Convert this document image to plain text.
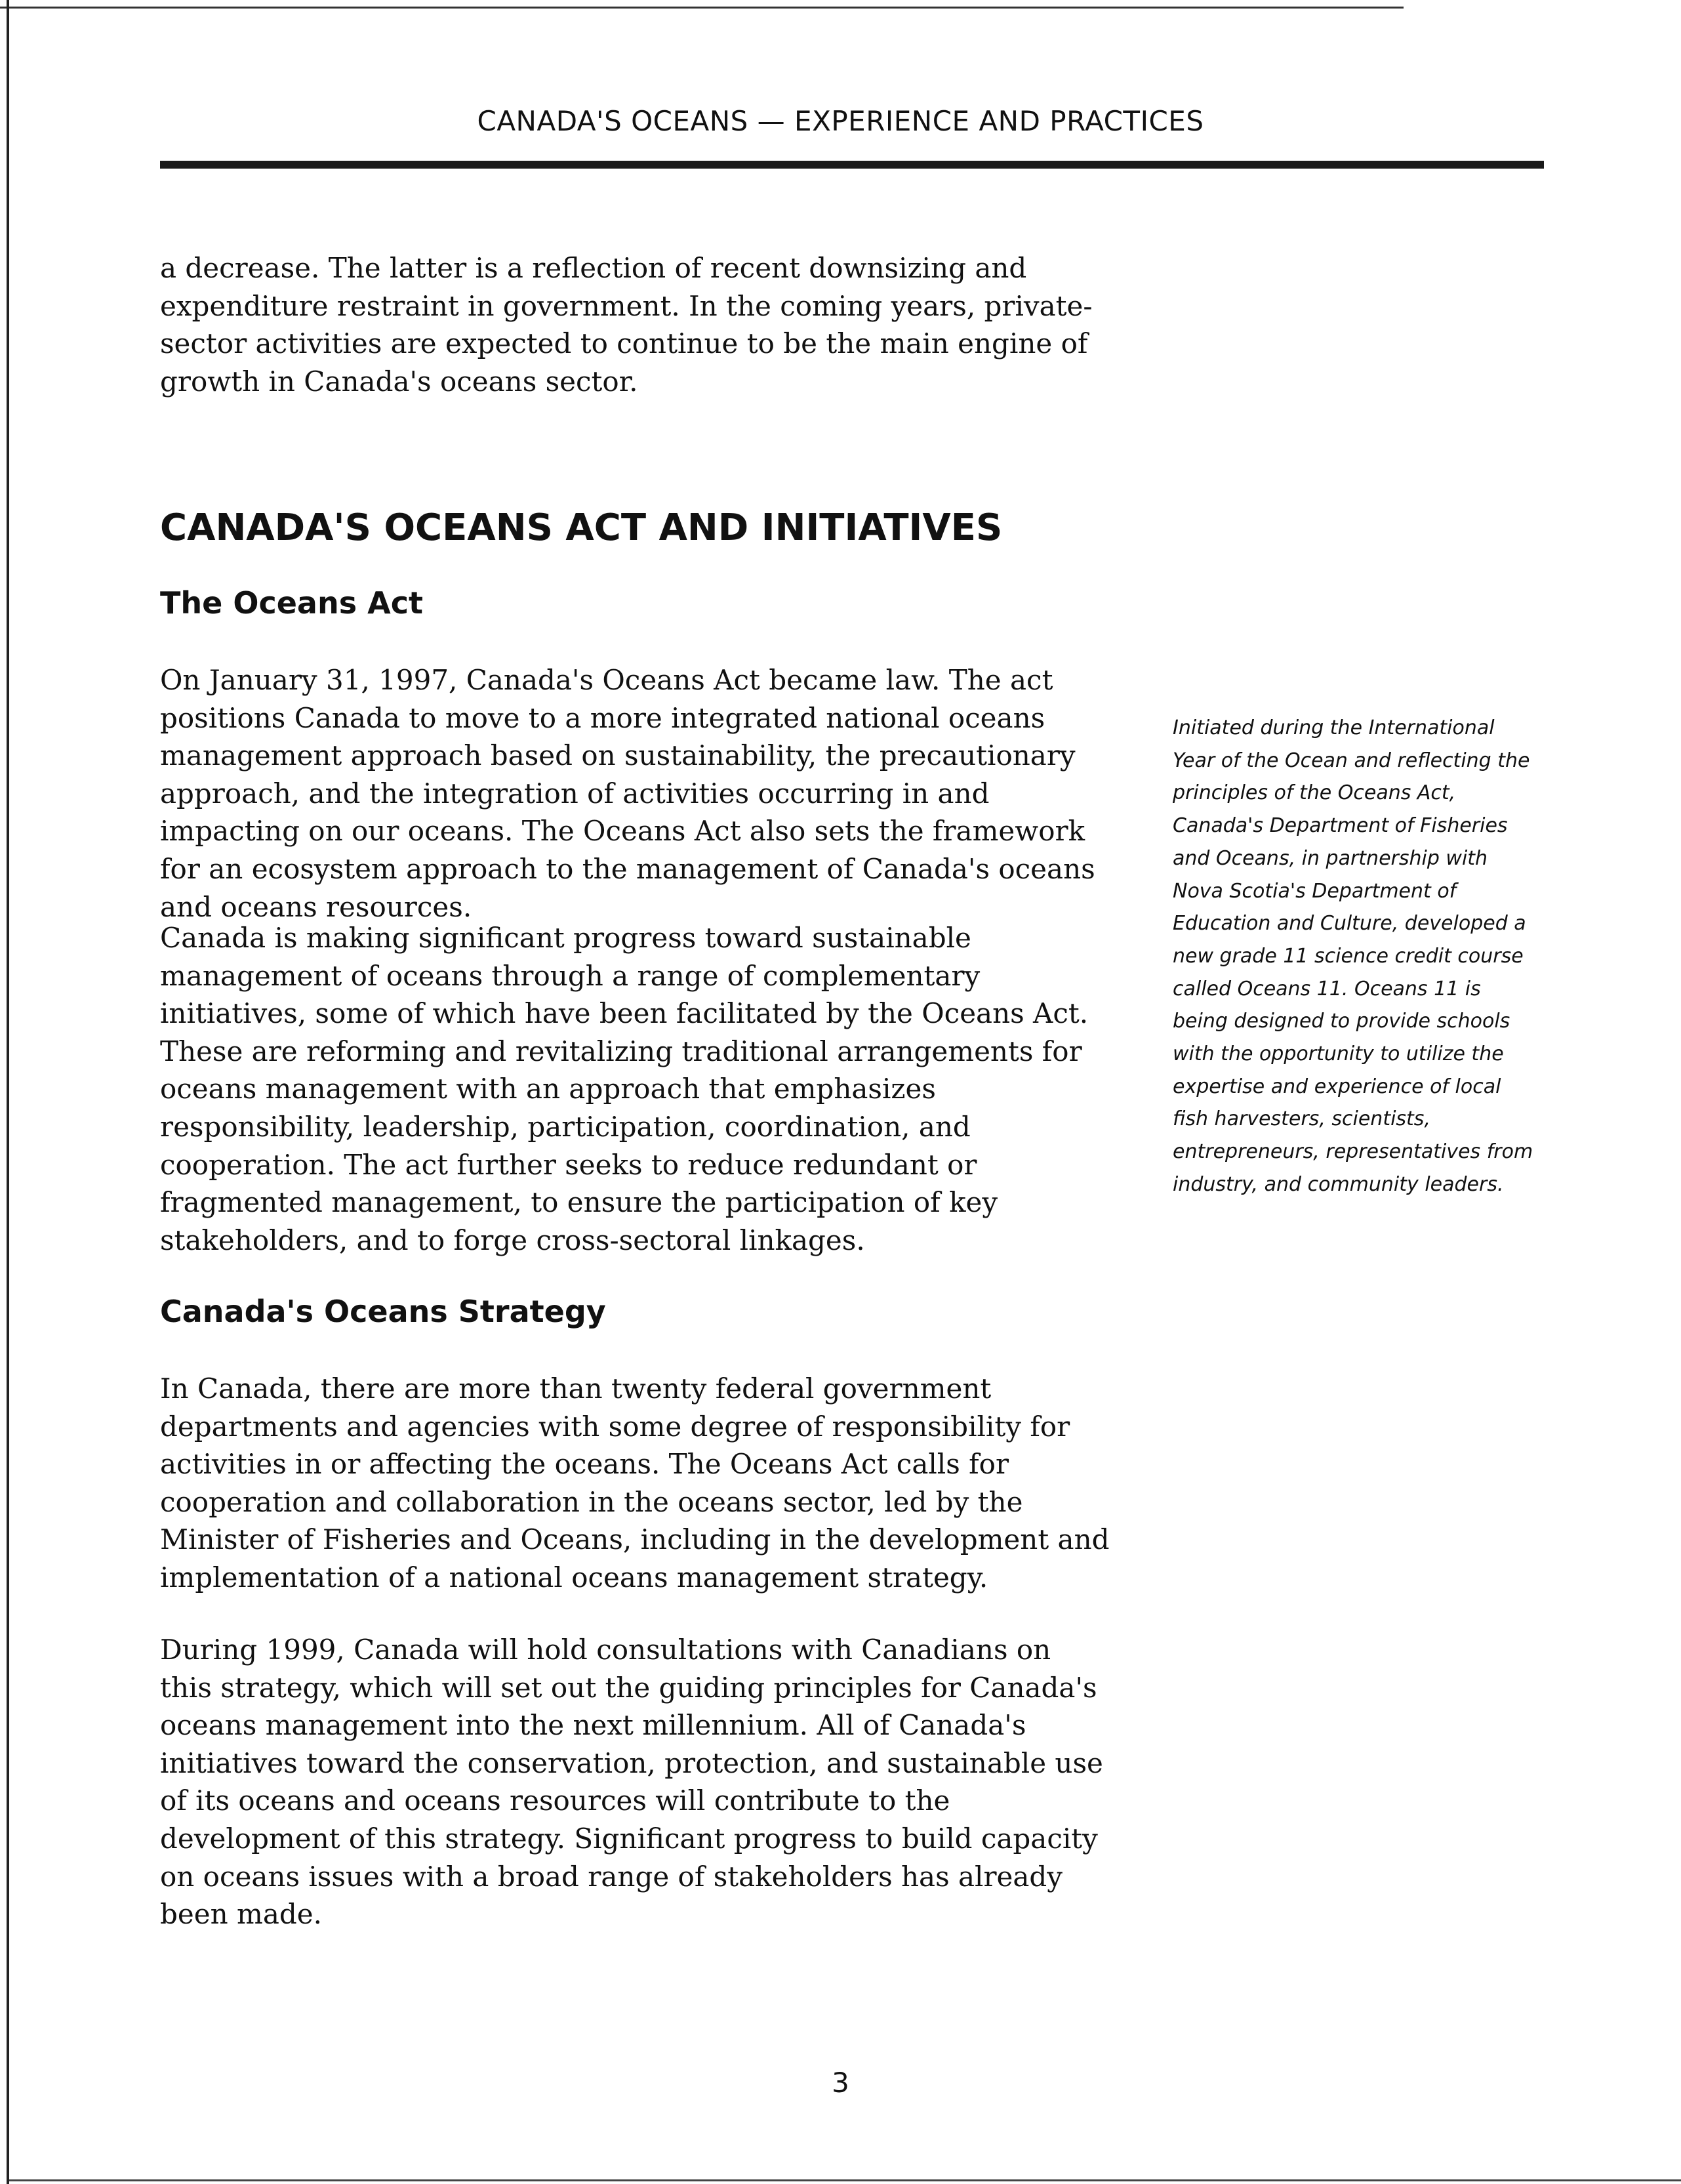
CANADA'S OCEANS — EXPERIENCE AND PRACTICES

a decrease. The latter is a reflection of recent downsizing and expenditure restraint in government. In the coming years, private-sector activities are expected to continue to be the main engine of growth in Canada's oceans sector.

CANADA'S OCEANS ACT AND INITIATIVES
The Oceans Act

On January 31, 1997, Canada's Oceans Act became law. The act positions Canada to move to a more integrated national oceans management approach based on sustainability, the precautionary approach, and the integration of activities occurring in and impacting on our oceans. The Oceans Act also sets the framework for an ecosystem approach to the management of Canada's oceans and oceans resources.

Canada is making significant progress toward sustainable management of oceans through a range of complementary initiatives, some of which have been facilitated by the Oceans Act. These are reforming and revitalizing traditional arrangements for oceans management with an approach that emphasizes responsibility, leadership, participation, coordination, and cooperation. The act further seeks to reduce redundant or fragmented management, to ensure the participation of key stakeholders, and to forge cross-sectoral linkages.

Initiated during the International Year of the Ocean and reflecting the principles of the Oceans Act, Canada's Department of Fisheries and Oceans, in partnership with Nova Scotia's Department of Education and Culture, developed a new grade 11 science credit course called Oceans 11. Oceans 11 is being designed to provide schools with the opportunity to utilize the expertise and experience of local fish harvesters, scientists, entrepreneurs, representatives from industry, and community leaders.

Canada's Oceans Strategy

In Canada, there are more than twenty federal government departments and agencies with some degree of responsibility for activities in or affecting the oceans. The Oceans Act calls for cooperation and collaboration in the oceans sector, led by the Minister of Fisheries and Oceans, including in the development and implementation of a national oceans management strategy.

During 1999, Canada will hold consultations with Canadians on this strategy, which will set out the guiding principles for Canada's oceans management into the next millennium. All of Canada's initiatives toward the conservation, protection, and sustainable use of its oceans and oceans resources will contribute to the development of this strategy. Significant progress to build capacity on oceans issues with a broad range of stakeholders has already been made.

3
